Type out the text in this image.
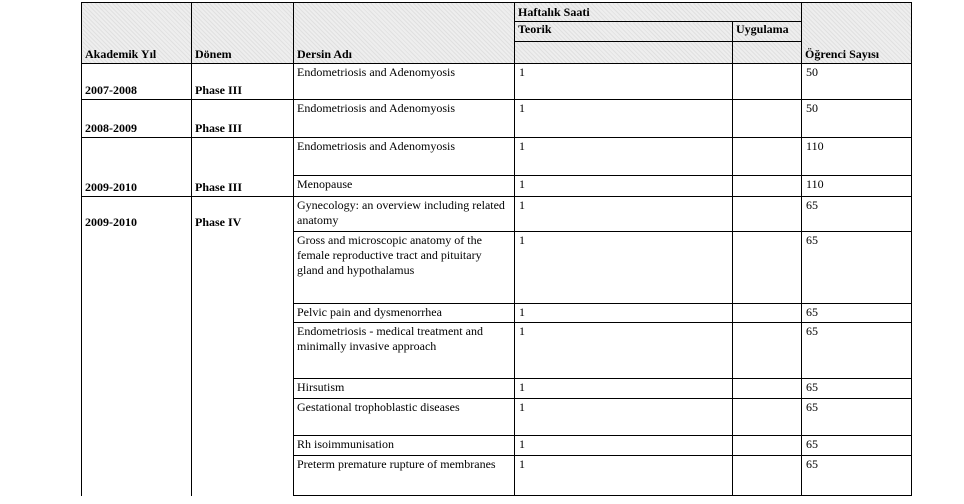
Akademik Yıl	Dönem	Dersin Adı	Haftalık Saati		Öğrenci Sayısı
			Teorik	Uygulama	

2007-2008	Phase III	Endometriosis and Adenomyosis	1		50
2008-2009	Phase III	Endometriosis and Adenomyosis	1		50
2009-2010	Phase III	Endometriosis and Adenomyosis	1		110
		Menopause	1		110
2009-2010	Phase IV	Gynecology: an overview including related anatomy	1		65
		Gross and microscopic anatomy of the female reproductive tract and pituitary gland and hypothalamus	1		65
		Pelvic pain and dysmenorrhea	1		65
		Endometriosis - medical treatment and minimally invasive approach	1		65
		Hirsutism	1		65
		Gestational trophoblastic diseases	1		65
		Rh isoimmunisation	1		65
		Preterm premature rupture of membranes	1		65
